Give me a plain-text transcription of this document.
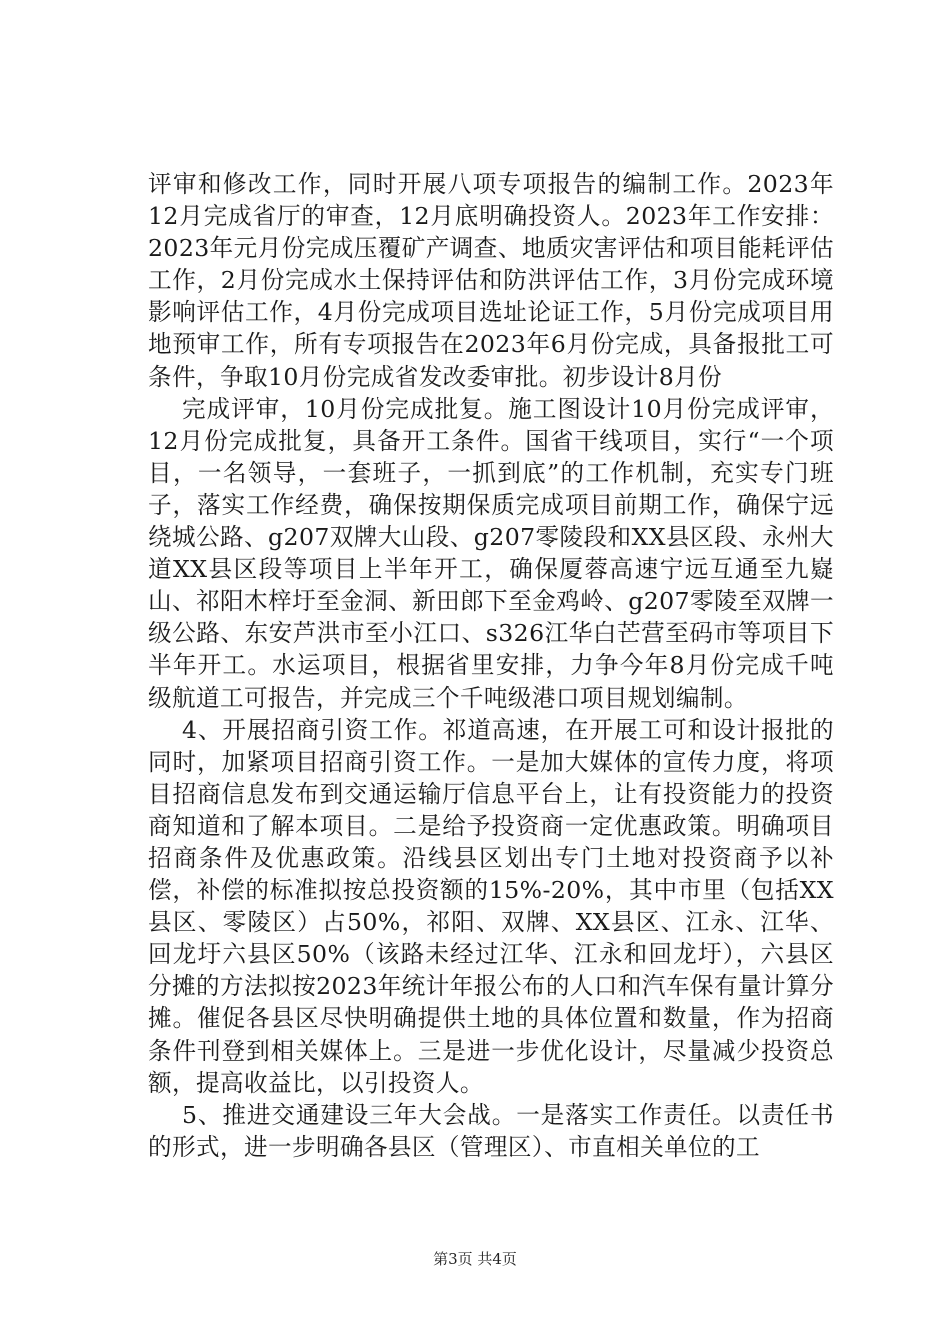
评审和修改工作，同时开展八项专项报告的编制工作。2023年12月完成省厅的审查，12月底明确投资人。2023年工作安排：2023年元月份完成压覆矿产调查、地质灾害评估和项目能耗评估工作，2月份完成水土保持评估和防洪评估工作，3月份完成环境影响评估工作，4月份完成项目选址论证工作，5月份完成项目用地预审工作，所有专项报告在2023年6月份完成，具备报批工可条件，争取10月份完成省发改委审批。初步设计8月份

完成评审，10月份完成批复。施工图设计10月份完成评审，12月份完成批复，具备开工条件。国省干线项目，实行“一个项目，一名领导，一套班子，一抓到底”的工作机制，充实专门班子，落实工作经费，确保按期保质完成项目前期工作，确保宁远绕城公路、g207双牌大山段、g207零陵段和XX县区段、永州大道XX县区段等项目上半年开工，确保厦蓉高速宁远互通至九嶷山、祁阳木梓圩至金洞、新田郎下至金鸡岭、g207零陵至双牌一级公路、东安芦洪市至小江口、s326江华白芒营至码市等项目下半年开工。水运项目，根据省里安排，力争今年8月份完成千吨级航道工可报告，并完成三个千吨级港口项目规划编制。

4、开展招商引资工作。祁道高速，在开展工可和设计报批的同时，加紧项目招商引资工作。一是加大媒体的宣传力度，将项目招商信息发布到交通运输厅信息平台上，让有投资能力的投资商知道和了解本项目。二是给予投资商一定优惠政策。明确项目招商条件及优惠政策。沿线县区划出专门土地对投资商予以补偿，补偿的标准拟按总投资额的15%-20%，其中市里（包括XX县区、零陵区）占50%，祁阳、双牌、XX县区、江永、江华、回龙圩六县区50%（该路未经过江华、江永和回龙圩），六县区分摊的方法拟按2023年统计年报公布的人口和汽车保有量计算分摊。催促各县区尽快明确提供土地的具体位置和数量，作为招商条件刊登到相关媒体上。三是进一步优化设计，尽量减少投资总额，提高收益比，以引投资人。

5、推进交通建设三年大会战。一是落实工作责任。以责任书的形式，进一步明确各县区（管理区）、市直相关单位的工

第3页 共4页
